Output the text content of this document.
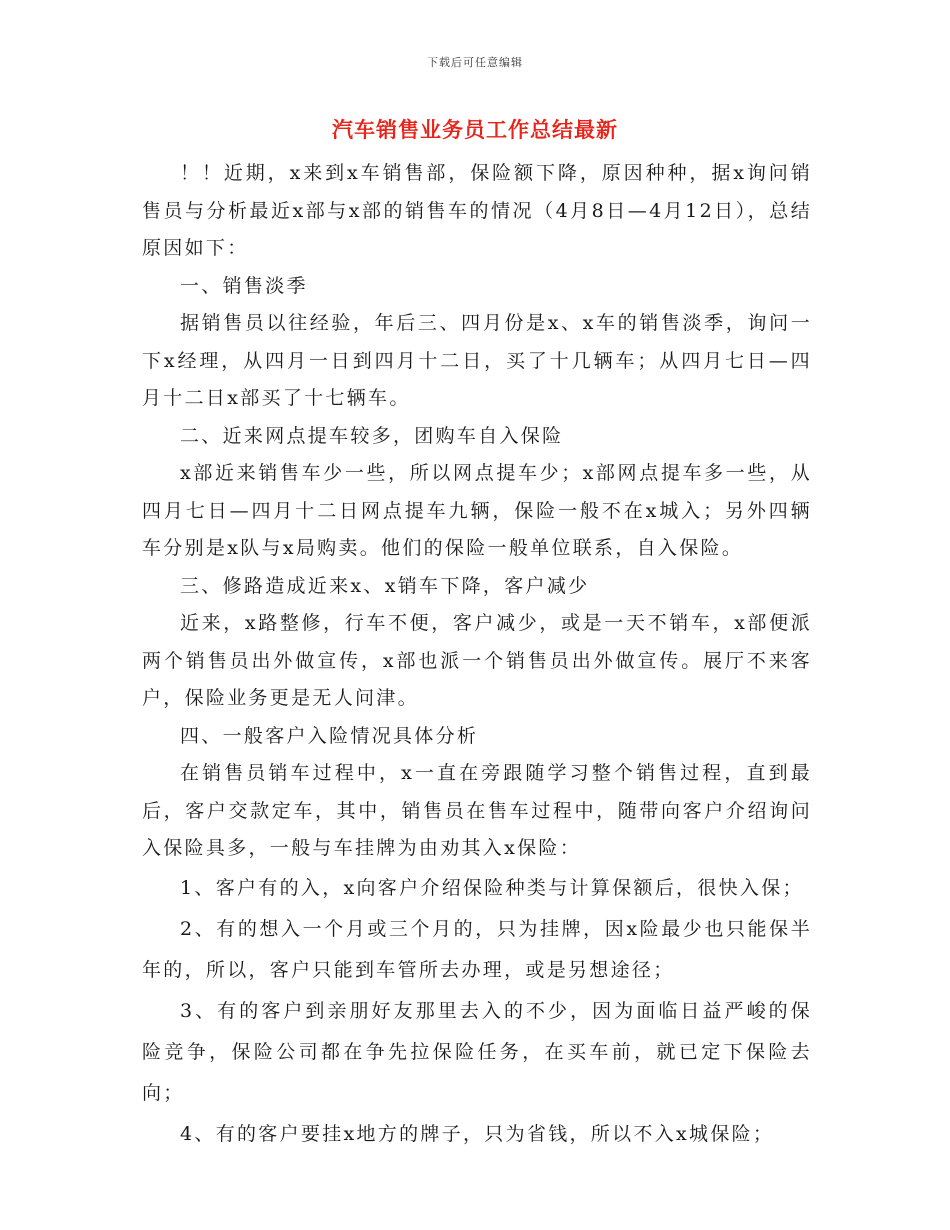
下载后可任意编辑
汽车销售业务员工作总结最新

！！近期，x来到x车销售部，保险额下降，原因种种，据x询问销售员与分析最近x部与x部的销售车的情况（4月8日—4月12日），总结原因如下：

一、销售淡季

据销售员以往经验，年后三、四月份是x、x车的销售淡季，询问一下x经理，从四月一日到四月十二日，买了十几辆车；从四月七日—四月十二日x部买了十七辆车。

二、近来网点提车较多，团购车自入保险

x部近来销售车少一些，所以网点提车少；x部网点提车多一些，从四月七日—四月十二日网点提车九辆，保险一般不在x城入；另外四辆车分别是x队与x局购卖。他们的保险一般单位联系，自入保险。

三、修路造成近来x、x销车下降，客户减少

近来，x路整修，行车不便，客户减少，或是一天不销车，x部便派两个销售员出外做宣传，x部也派一个销售员出外做宣传。展厅不来客户，保险业务更是无人问津。

四、一般客户入险情况具体分析

在销售员销车过程中，x一直在旁跟随学习整个销售过程，直到最后，客户交款定车，其中，销售员在售车过程中，随带向客户介绍询问入保险具多，一般与车挂牌为由劝其入x保险：

1、客户有的入，x向客户介绍保险种类与计算保额后，很快入保；

2、有的想入一个月或三个月的，只为挂牌，因x险最少也只能保半年的，所以，客户只能到车管所去办理，或是另想途径；

3、有的客户到亲朋好友那里去入的不少，因为面临日益严峻的保险竞争，保险公司都在争先拉保险任务，在买车前，就已定下保险去向；

4、有的客户要挂x地方的牌子，只为省钱，所以不入x城保险；
